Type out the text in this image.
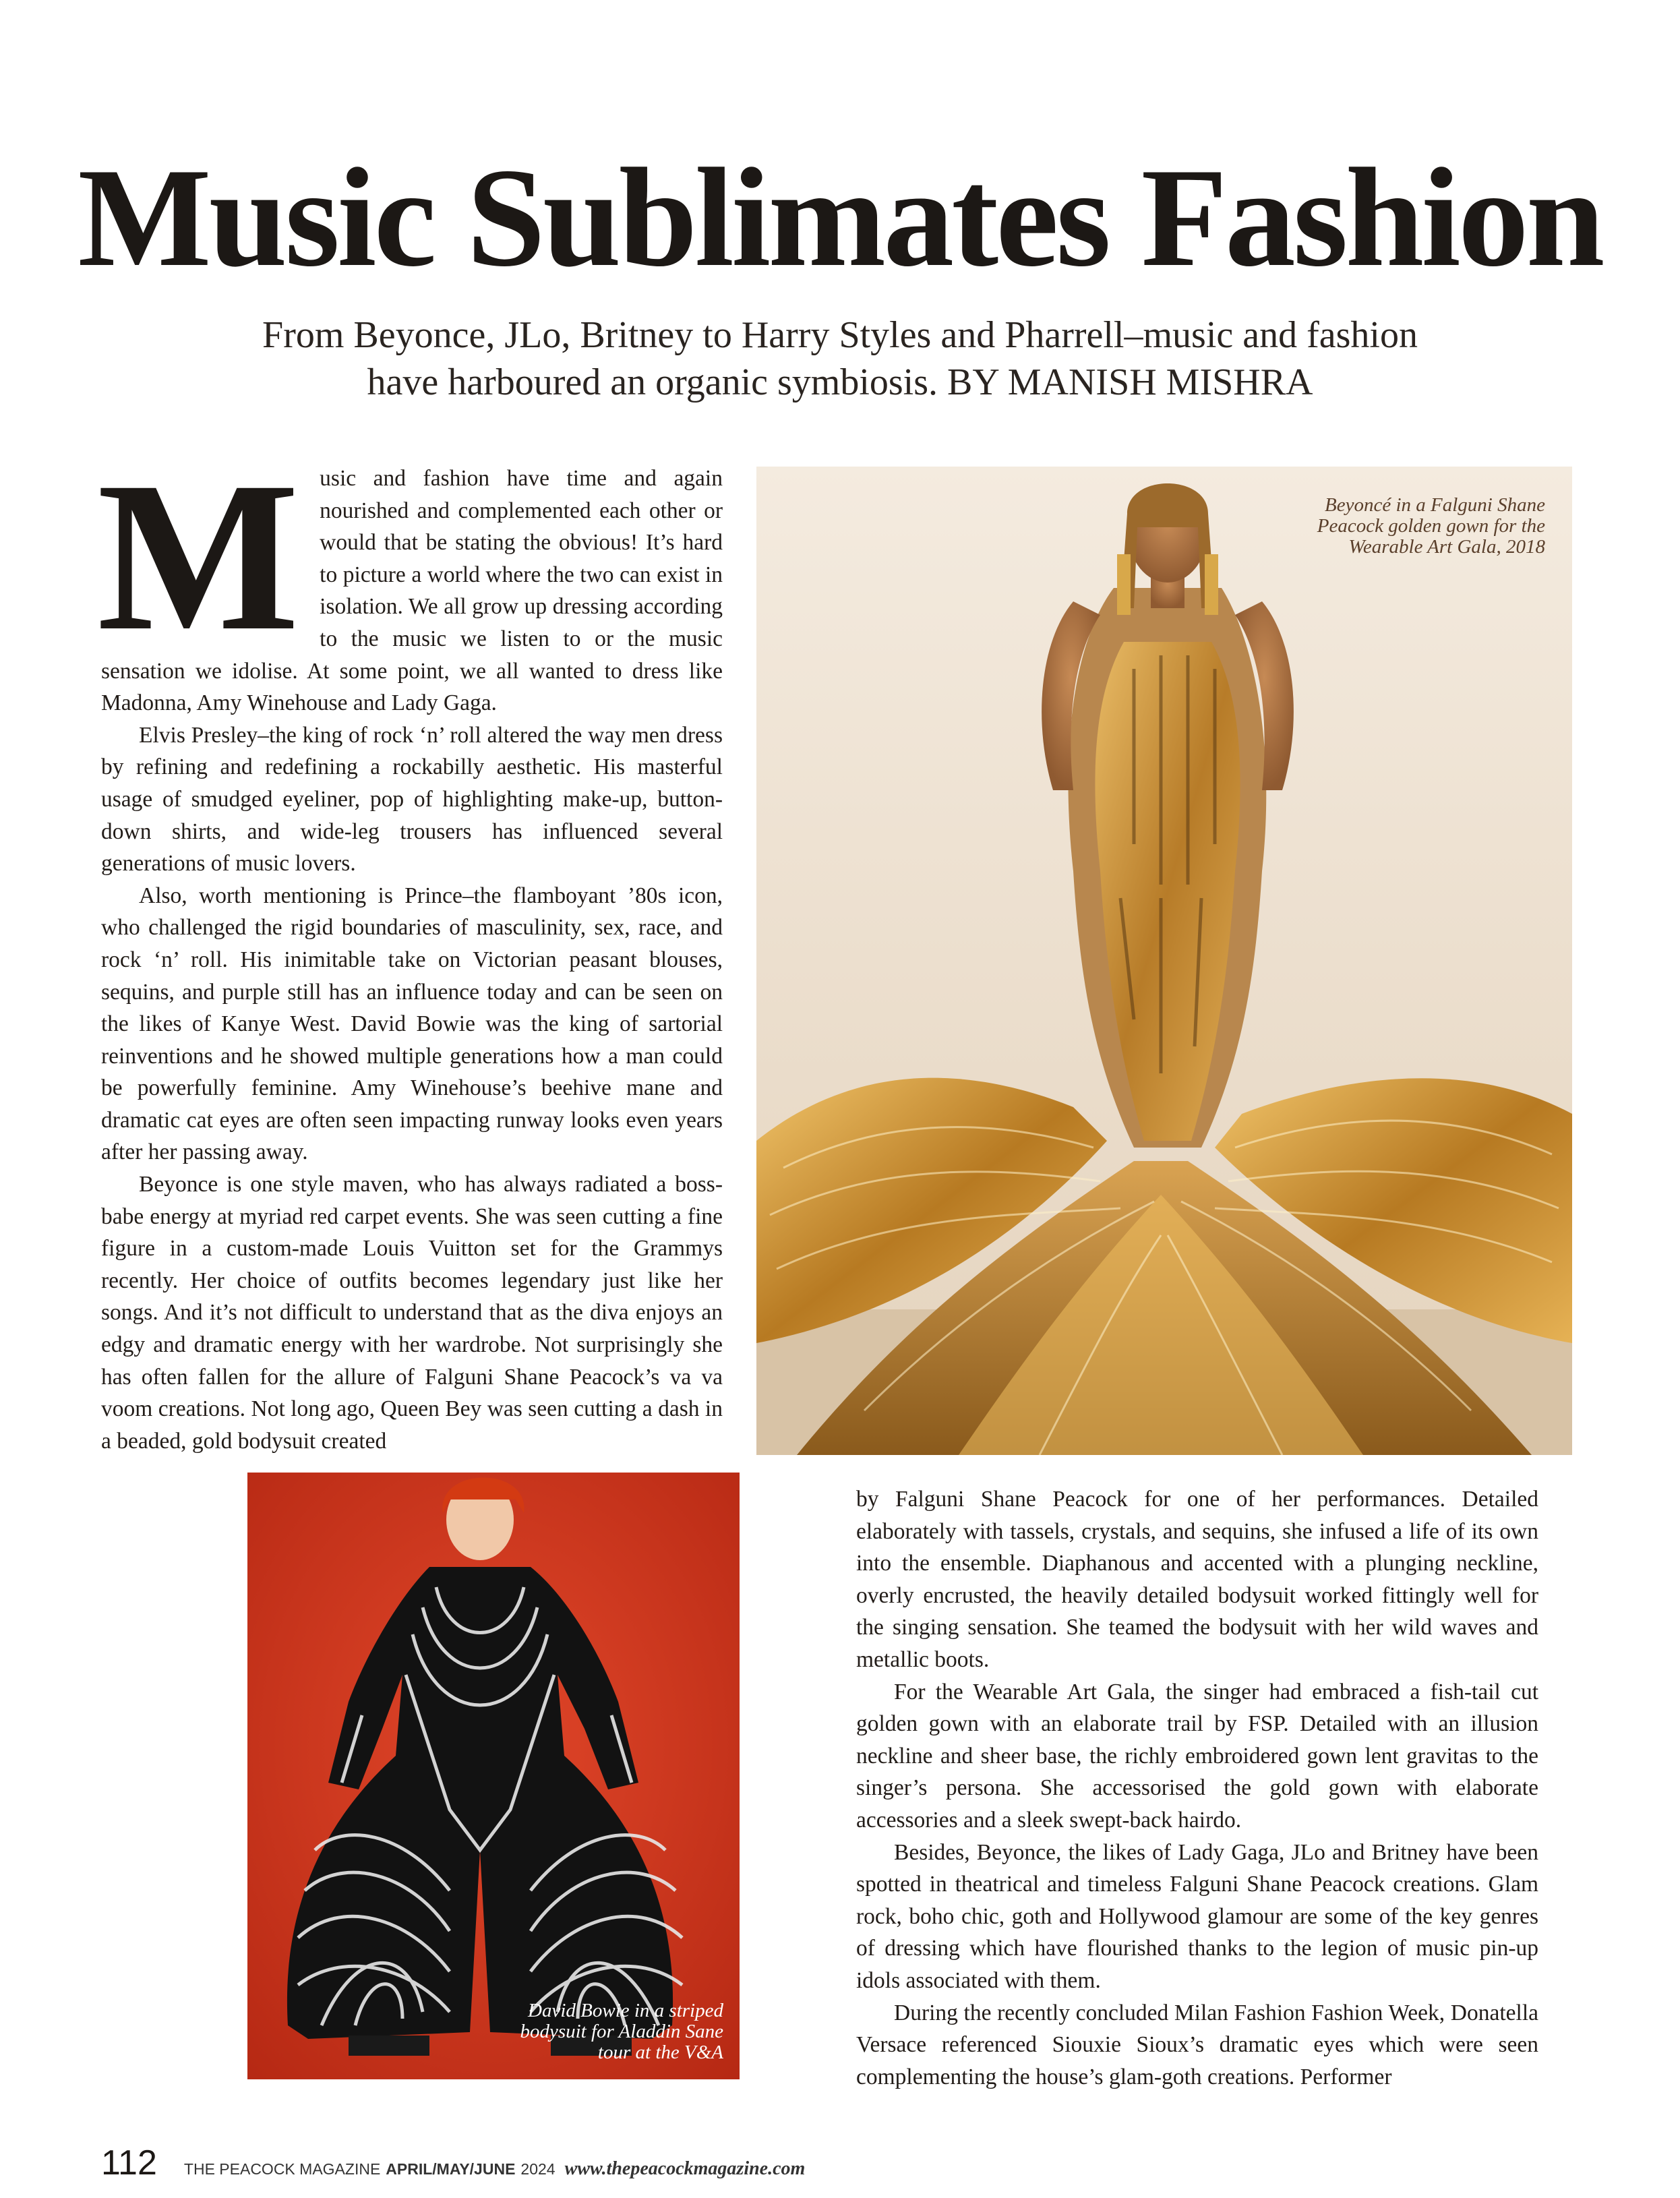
Music Sublimates Fashion
From Beyonce, JLo, Britney to Harry Styles and Pharrell–music and fashion
have harboured an organic symbiosis. BY MANISH MISHRA
M usic and fashion have time and again nourished and complemented each other or would that be stating the obvious! It’s hard to picture a world where the two can exist in isolation. We all grow up dressing according to the music we listen to or the music sensation we idolise. At some point, we all wanted to dress like Madonna, Amy Winehouse and Lady Gaga.

Elvis Presley–the king of rock ‘n’ roll altered the way men dress by refining and redefining a rockabilly aesthetic. His masterful usage of smudged eyeliner, pop of highlighting make-up, button-down shirts, and wide-leg trousers has influenced several generations of music lovers.

Also, worth mentioning is Prince–the flamboyant ’80s icon, who challenged the rigid boundaries of masculinity, sex, race, and rock ‘n’ roll. His inimitable take on Victorian peasant blouses, sequins, and purple still has an influence today and can be seen on the likes of Kanye West. David Bowie was the king of sartorial reinventions and he showed multiple generations how a man could be powerfully feminine. Amy Winehouse’s beehive mane and dramatic cat eyes are often seen impacting runway looks even years after her passing away.

Beyonce is one style maven, who has always radiated a boss-babe energy at myriad red carpet events. She was seen cutting a fine figure in a custom-made Louis Vuitton set for the Grammys recently. Her choice of outfits becomes legendary just like her songs. And it’s not difficult to understand that as the diva enjoys an edgy and dramatic energy with her wardrobe. Not surprisingly she has often fallen for the allure of Falguni Shane Peacock’s va va voom creations. Not long ago, Queen Bey was seen cutting a dash in a beaded, gold bodysuit created

Beyoncé in a Falguni Shane Peacock golden gown for the Wearable Art Gala, 2018
David Bowie in a striped bodysuit for Aladdin Sane tour at the V&A

by Falguni Shane Peacock for one of her performances. Detailed elaborately with tassels, crystals, and sequins, she infused a life of its own into the ensemble. Diaphanous and accented with a plunging neckline, overly encrusted, the heavily detailed bodysuit worked fittingly well for the singing sensation. She teamed the bodysuit with her wild waves and metallic boots.

For the Wearable Art Gala, the singer had embraced a fish-tail cut golden gown with an elaborate trail by FSP. Detailed with an illusion neckline and sheer base, the richly embroidered gown lent gravitas to the singer’s persona. She accessorised the gold gown with elaborate accessories and a sleek swept-back hairdo.

Besides, Beyonce, the likes of Lady Gaga, JLo and Britney have been spotted in theatrical and timeless Falguni Shane Peacock creations. Glam rock, boho chic, goth and Hollywood glamour are some of the key genres of dressing which have flourished thanks to the legion of music pin-up idols associated with them.

During the recently concluded Milan Fashion Fashion Week, Donatella Versace referenced Siouxie Sioux’s dramatic eyes which were seen complementing the house’s glam-goth creations. Performer

112 THE PEACOCK MAGAZINE APRIL/MAY/JUNE 2024 www.thepeacockmagazine.com
